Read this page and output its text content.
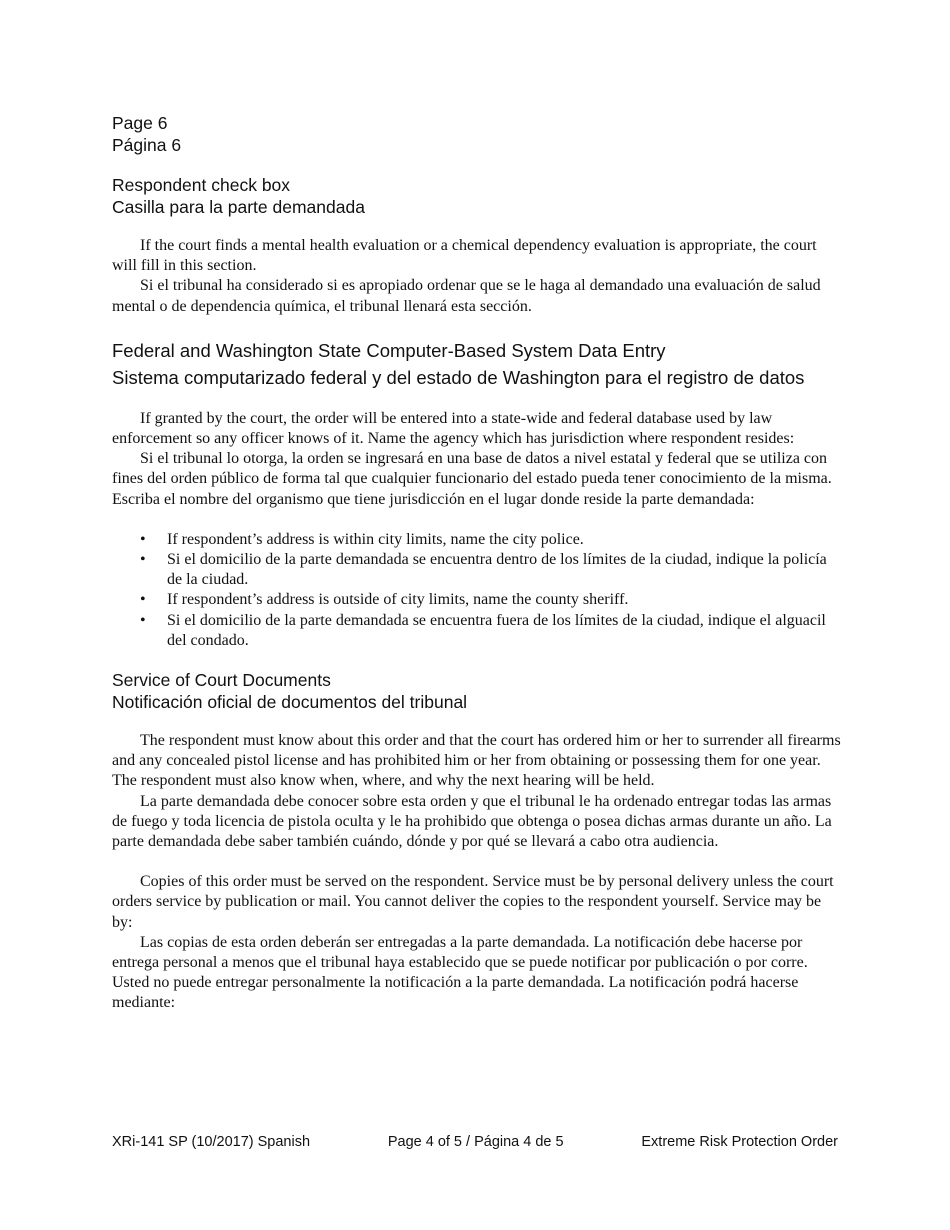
Page 6

Página 6

Respondent check box

Casilla para la parte demandada

If the court finds a mental health evaluation or a chemical dependency evaluation is appropriate, the court will fill in this section.

Si el tribunal ha considerado si es apropiado ordenar que se le haga al demandado una evaluación de salud mental o de dependencia química, el tribunal llenará esta sección.

Federal and Washington State Computer-Based System Data Entry

Sistema computarizado federal y del estado de Washington para el registro de datos

If granted by the court, the order will be entered into a state-wide and federal database used by law enforcement so any officer knows of it. Name the agency which has jurisdiction where respondent resides:

Si el tribunal lo otorga, la orden se ingresará en una base de datos a nivel estatal y federal que se utiliza con fines del orden público de forma tal que cualquier funcionario del estado pueda tener conocimiento de la misma. Escriba el nombre del organismo que tiene jurisdicción en el lugar donde reside la parte demandada:

• If respondent’s address is within city limits, name the city police.
• Si el domicilio de la parte demandada se encuentra dentro de los límites de la ciudad, indique la policía de la ciudad.
• If respondent’s address is outside of city limits, name the county sheriff.
• Si el domicilio de la parte demandada se encuentra fuera de los límites de la ciudad, indique el alguacil del condado.

Service of Court Documents

Notificación oficial de documentos del tribunal

The respondent must know about this order and that the court has ordered him or her to surrender all firearms and any concealed pistol license and has prohibited him or her from obtaining or possessing them for one year. The respondent must also know when, where, and why the next hearing will be held.

La parte demandada debe conocer sobre esta orden y que el tribunal le ha ordenado entregar todas las armas de fuego y toda licencia de pistola oculta y le ha prohibido que obtenga o posea dichas armas durante un año. La parte demandada debe saber también cuándo, dónde y por qué se llevará a cabo otra audiencia.

Copies of this order must be served on the respondent. Service must be by personal delivery unless the court orders service by publication or mail. You cannot deliver the copies to the respondent yourself. Service may be by:

Las copias de esta orden deberán ser entregadas a la parte demandada. La notificación debe hacerse por entrega personal a menos que el tribunal haya establecido que se puede notificar por publicación o por corre. Usted no puede entregar personalmente la notificación a la parte demandada. La notificación podrá hacerse mediante:

XRi-141 SP (10/2017) Spanish	Page 4 of 5 / Página 4 de 5	Extreme Risk Protection Order
